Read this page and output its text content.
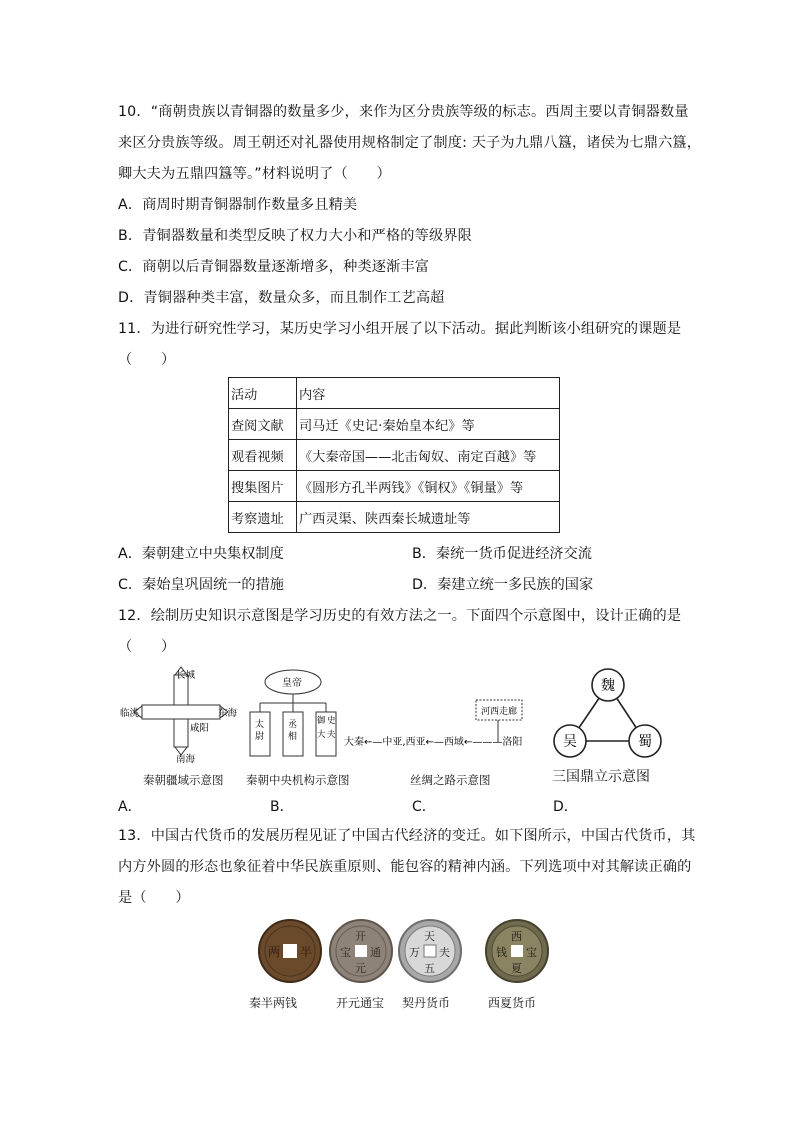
10．“商朝贵族以青铜器的数量多少，来作为区分贵族等级的标志。西周主要以青铜器数量
来区分贵族等级。周王朝还对礼器使用规格制定了制度: 天子为九鼎八簋，诸侯为七鼎六簋，
卿大夫为五鼎四簋等。”材料说明了（　　）
A．商周时期青铜器制作数量多且精美
B．青铜器数量和类型反映了权力大小和严格的等级界限
C．商朝以后青铜器数量逐渐增多，种类逐渐丰富
D．青铜器种类丰富，数量众多，而且制作工艺高超
11．为进行研究性学习，某历史学习小组开展了以下活动。据此判断该小组研究的课题是
（　　）
活动	内容
查阅文献	司马迁《史记·秦始皇本纪》等
观看视频	《大秦帝国——北击匈奴、南定百越》等
搜集图片	《圆形方孔半两钱》《铜权》《铜量》等
考察遗址	广西灵渠、陕西秦长城遗址等
A．秦朝建立中央集权制度	B．秦统一货币促进经济交流
C．秦始皇巩固统一的措施	D．秦建立统一多民族的国家
12．绘制历史知识示意图是学习历史的有效方法之一。下面四个示意图中，设计正确的是
（　　）
长城
临洮	东海
南海
咸阳
秦朝疆域示意图
皇帝
太尉
丞相
御史大夫
秦朝中央机构示意图
河西走廊
大秦←—中亚,西亚←—西域←———洛阳
丝绸之路示意图
魏
吴	蜀
三国鼎立示意图
A．	B．	C．	D．
13．中国古代货币的发展历程见证了中国古代经济的变迁。如下图所示，中国古代货币，其
内方外圆的形态也象征着中华民族重原则、能包容的精神内涵。下列选项中对其解读正确的
是（　　）
半
两
秦半两钱
开
元
通
宝
开元通宝
天
五
万 夫
契丹货币
西
夏
钱 宝
西夏货币
